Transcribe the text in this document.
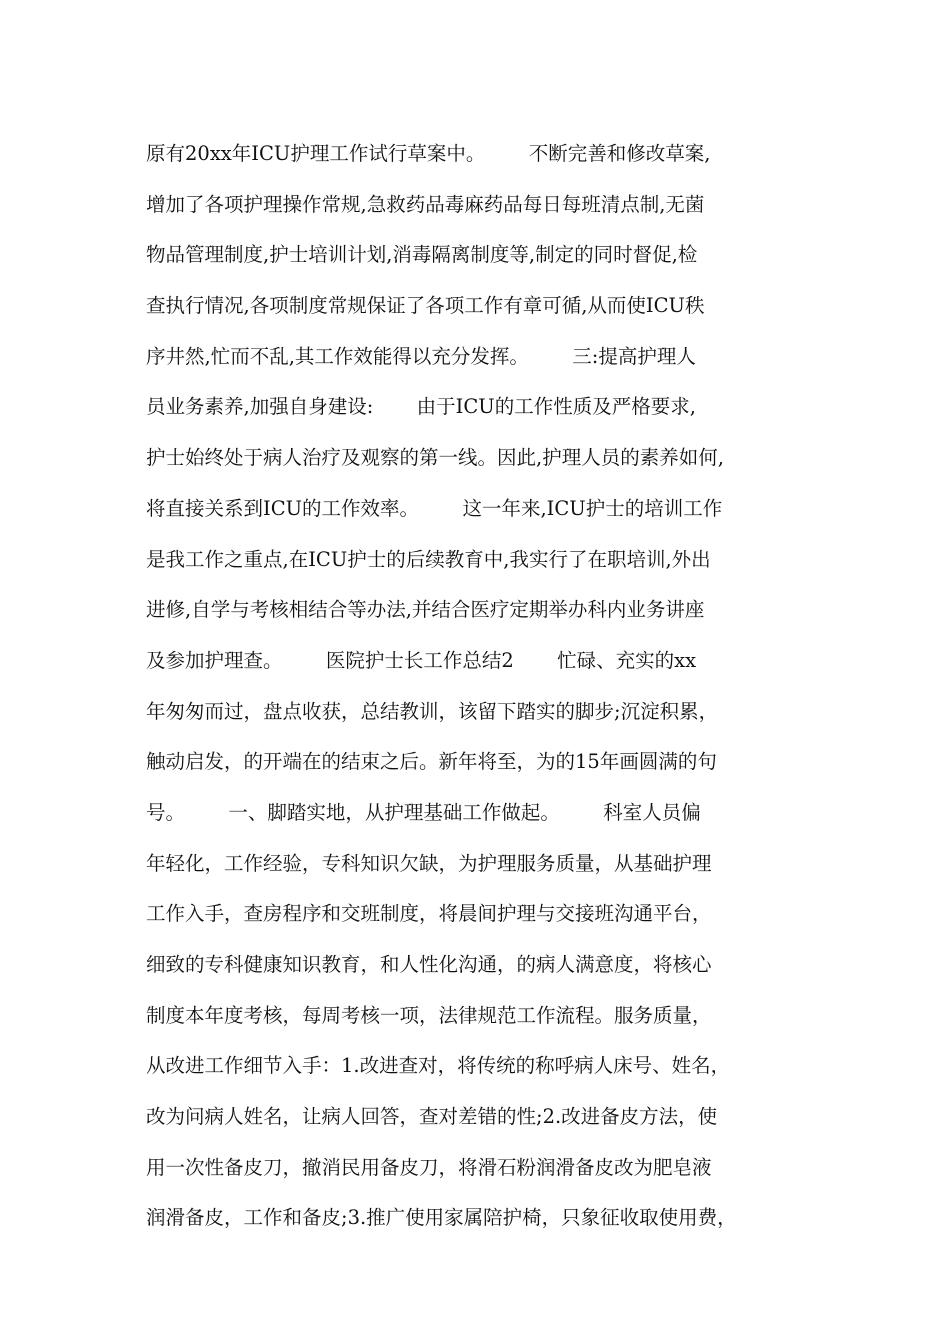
原有20xx年ICU护理工作试行草案中。       不断完善和修改草案,
增加了各项护理操作常规,急救药品毒麻药品每日每班清点制,无菌
物品管理制度,护士培训计划,消毒隔离制度等,制定的同时督促,检
查执行情况,各项制度常规保证了各项工作有章可循,从而使ICU秩
序井然,忙而不乱,其工作效能得以充分发挥。       三:提高护理人
员业务素养,加强自身建设:       由于ICU的工作性质及严格要求,
护士始终处于病人治疗及观察的第一线。因此,护理人员的素养如何,
将直接关系到ICU的工作效率。       这一年来,ICU护士的培训工作
是我工作之重点,在ICU护士的后续教育中,我实行了在职培训,外出
进修,自学与考核相结合等办法,并结合医疗定期举办科内业务讲座
及参加护理查。       医院护士长工作总结2       忙碌、充实的xx
年匆匆而过，盘点收获，总结教训，该留下踏实的脚步;沉淀积累，
触动启发，的开端在的结束之后。新年将至，为的15年画圆满的句
号。       一、脚踏实地，从护理基础工作做起。       科室人员偏
年轻化，工作经验，专科知识欠缺，为护理服务质量，从基础护理
工作入手，查房程序和交班制度，将晨间护理与交接班沟通平台，
细致的专科健康知识教育，和人性化沟通，的病人满意度，将核心
制度本年度考核，每周考核一项，法律规范工作流程。服务质量，
从改进工作细节入手：1.改进查对，将传统的称呼病人床号、姓名，
改为问病人姓名，让病人回答，查对差错的性;2.改进备皮方法，使
用一次性备皮刀，撤消民用备皮刀，将滑石粉润滑备皮改为肥皂液
润滑备皮，工作和备皮;3.推广使用家属陪护椅，只象征收取使用费，
